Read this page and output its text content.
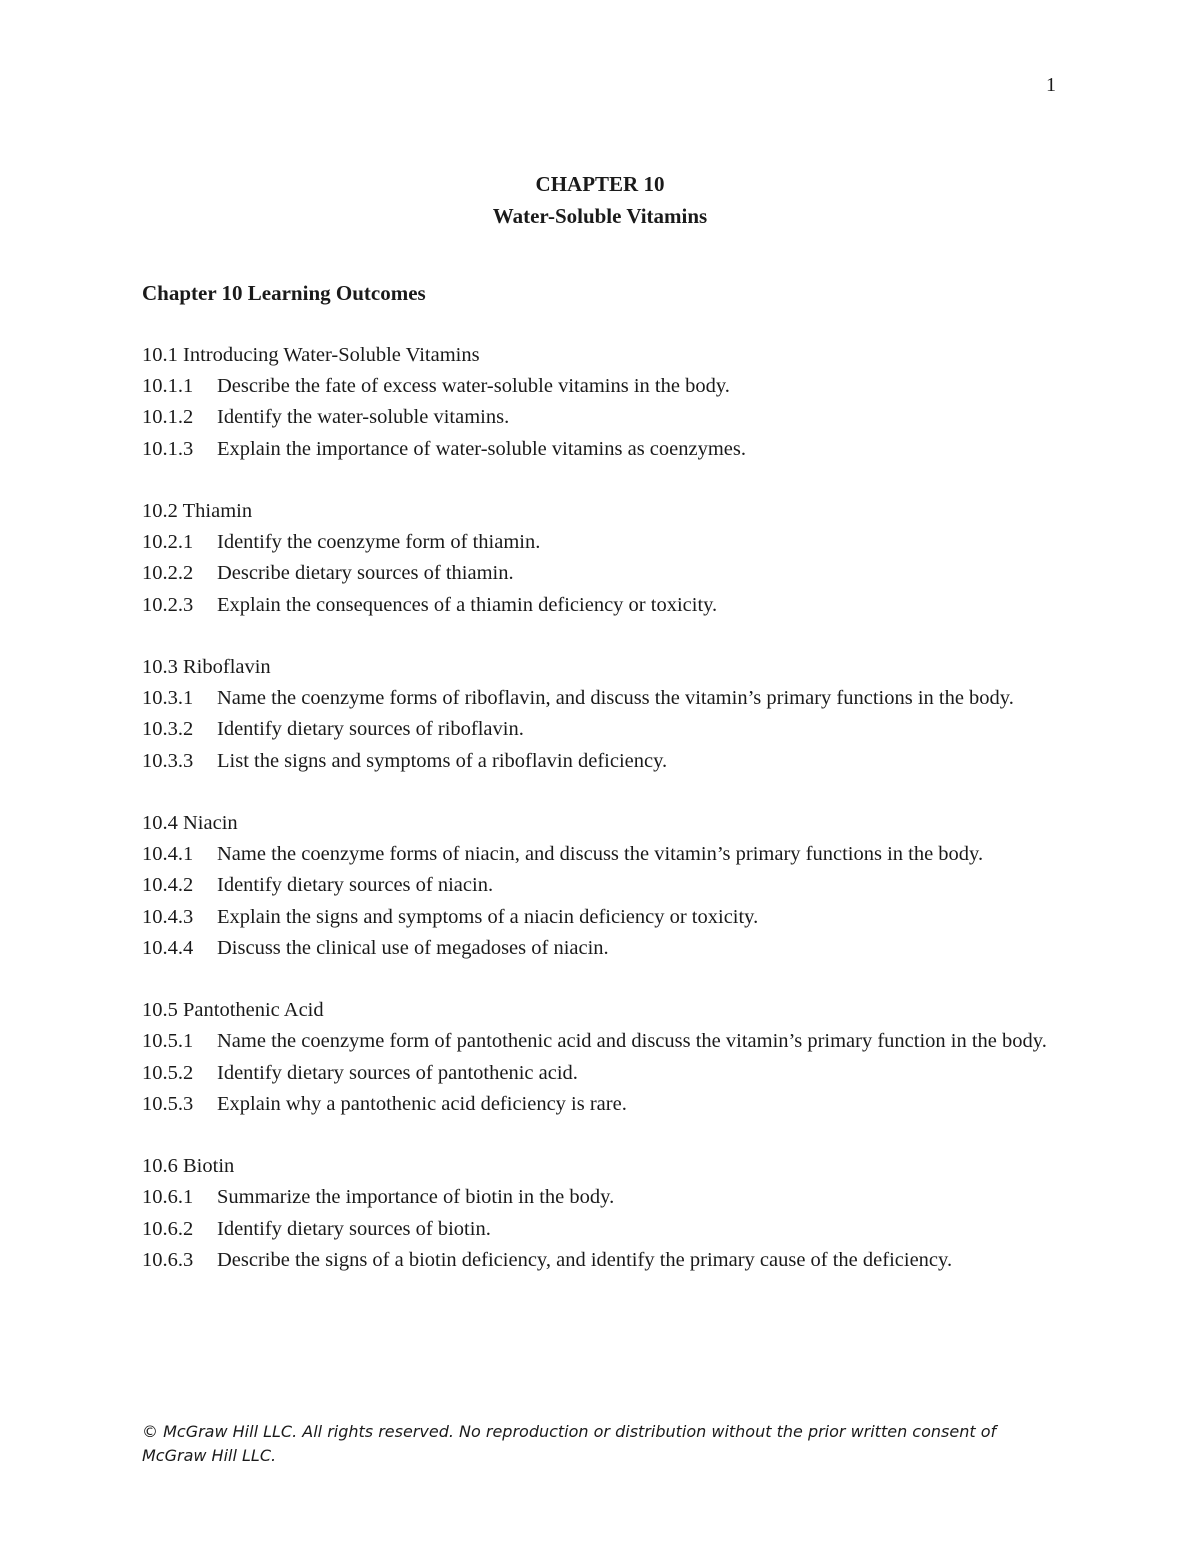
1
CHAPTER 10
Water-Soluble Vitamins
Chapter 10 Learning Outcomes
10.1 Introducing Water-Soluble Vitamins
10.1.1	Describe the fate of excess water-soluble vitamins in the body.
10.1.2	Identify the water-soluble vitamins.
10.1.3	Explain the importance of water-soluble vitamins as coenzymes.
10.2 Thiamin
10.2.1	Identify the coenzyme form of thiamin.
10.2.2	Describe dietary sources of thiamin.
10.2.3	Explain the consequences of a thiamin deficiency or toxicity.
10.3 Riboflavin
10.3.1	Name the coenzyme forms of riboflavin, and discuss the vitamin’s primary functions in the body.
10.3.2	Identify dietary sources of riboflavin.
10.3.3	List the signs and symptoms of a riboflavin deficiency.
10.4 Niacin
10.4.1	Name the coenzyme forms of niacin, and discuss the vitamin’s primary functions in the body.
10.4.2	Identify dietary sources of niacin.
10.4.3	Explain the signs and symptoms of a niacin deficiency or toxicity.
10.4.4	Discuss the clinical use of megadoses of niacin.
10.5 Pantothenic Acid
10.5.1	Name the coenzyme form of pantothenic acid and discuss the vitamin’s primary function in the body.
10.5.2	Identify dietary sources of pantothenic acid.
10.5.3	Explain why a pantothenic acid deficiency is rare.
10.6 Biotin
10.6.1	Summarize the importance of biotin in the body.
10.6.2	Identify dietary sources of biotin.
10.6.3	Describe the signs of a biotin deficiency, and identify the primary cause of the deficiency.
© McGraw Hill LLC. All rights reserved. No reproduction or distribution without the prior written consent of McGraw Hill LLC.
